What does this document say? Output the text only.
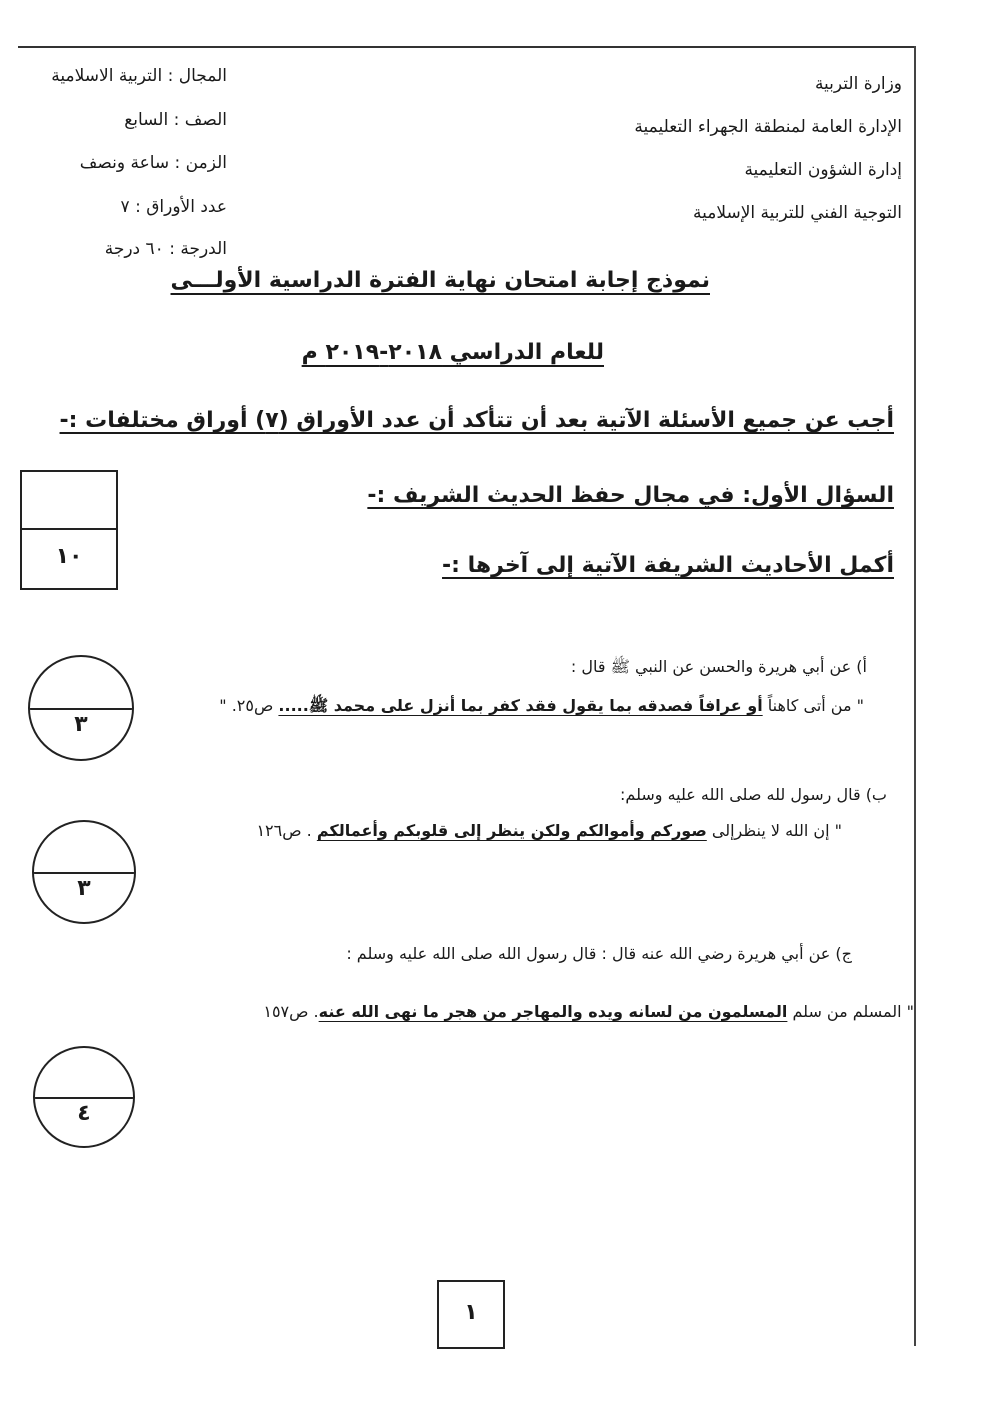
وزارة التربية
الإدارة العامة لمنطقة الجهراء التعليمية
إدارة الشؤون التعليمية
التوجية الفني للتربية الإسلامية
المجال : التربية الاسلامية
الصف : السابع
الزمن : ساعة ونصف
عدد الأوراق : ٧
الدرجة : ٦٠ درجة
نموذج إجابة امتحان نهاية الفترة الدراسية الأولـــى
للعام الدراسي ٢٠١٨-٢٠١٩ م
أجب عن جميع الأسئلة الآتية بعد أن تتأكد أن عدد الأوراق (٧) أوراق مختلفات :-
السؤال الأول: في مجال حفظ الحديث الشريف :-
أكمل الأحاديث الشريفة الآتية إلى آخرها :-
١٠
أ) عن أبي هريرة والحسن عن النبي ﷺ قال :
" من أتى كاهناً أو عرافاً فصدقه بما يقول فقد كفر بما أنزل على محمد ﷺ..... ص٢٥. "
٣
ب) قال رسول لله صلى الله عليه وسلم:
" إن الله لا ينظرإلى صوركم وأموالكم ولكن ينظر إلى قلوبكم وأعمالكم . ص١٢٦
٣
ج) عن أبي هريرة رضي الله عنه قال : قال رسول الله صلى الله عليه وسلم :
" المسلم من سلم المسلمون من لسانه ويده والمهاجر من هجر ما نهى الله عنه. ص١٥٧
٤
١
